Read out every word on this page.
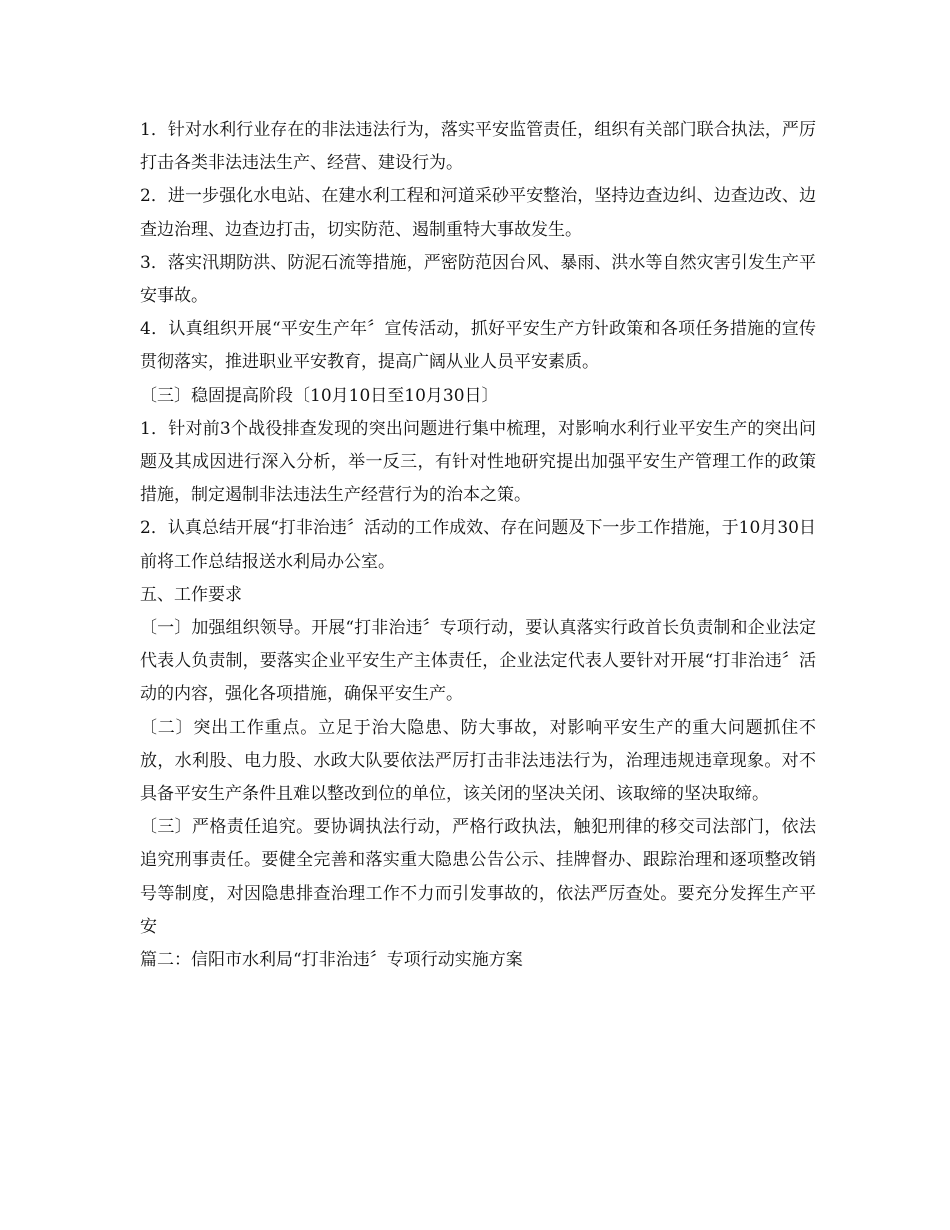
1．针对水利行业存在的非法违法行为，落实平安监管责任，组织有关部门联合执法，严厉打击各类非法违法生产、经营、建设行为。

2．进一步强化水电站、在建水利工程和河道采砂平安整治，坚持边查边纠、边查边改、边查边治理、边查边打击，切实防范、遏制重特大事故发生。

3．落实汛期防洪、防泥石流等措施，严密防范因台风、暴雨、洪水等自然灾害引发生产平安事故。

4．认真组织开展“平安生产年〞宣传活动，抓好平安生产方针政策和各项任务措施的宣传贯彻落实，推进职业平安教育，提高广阔从业人员平安素质。

〔三〕稳固提高阶段〔10月10日至10月30日〕

1．针对前3个战役排查发现的突出问题进行集中梳理，对影响水利行业平安生产的突出问题及其成因进行深入分析，举一反三，有针对性地研究提出加强平安生产管理工作的政策措施，制定遏制非法违法生产经营行为的治本之策。

2．认真总结开展“打非治违〞活动的工作成效、存在问题及下一步工作措施，于10月30日前将工作总结报送水利局办公室。

五、工作要求

〔一〕加强组织领导。开展“打非治违〞专项行动，要认真落实行政首长负责制和企业法定代表人负责制，要落实企业平安生产主体责任，企业法定代表人要针对开展“打非治违〞活动的内容，强化各项措施，确保平安生产。

〔二〕突出工作重点。立足于治大隐患、防大事故，对影响平安生产的重大问题抓住不放，水利股、电力股、水政大队要依法严厉打击非法违法行为，治理违规违章现象。对不具备平安生产条件且难以整改到位的单位，该关闭的坚决关闭、该取缔的坚决取缔。

〔三〕严格责任追究。要协调执法行动，严格行政执法，触犯刑律的移交司法部门，依法追究刑事责任。要健全完善和落实重大隐患公告公示、挂牌督办、跟踪治理和逐项整改销号等制度，对因隐患排查治理工作不力而引发事故的，依法严厉查处。要充分发挥生产平安

篇二：信阳市水利局“打非治违〞专项行动实施方案
